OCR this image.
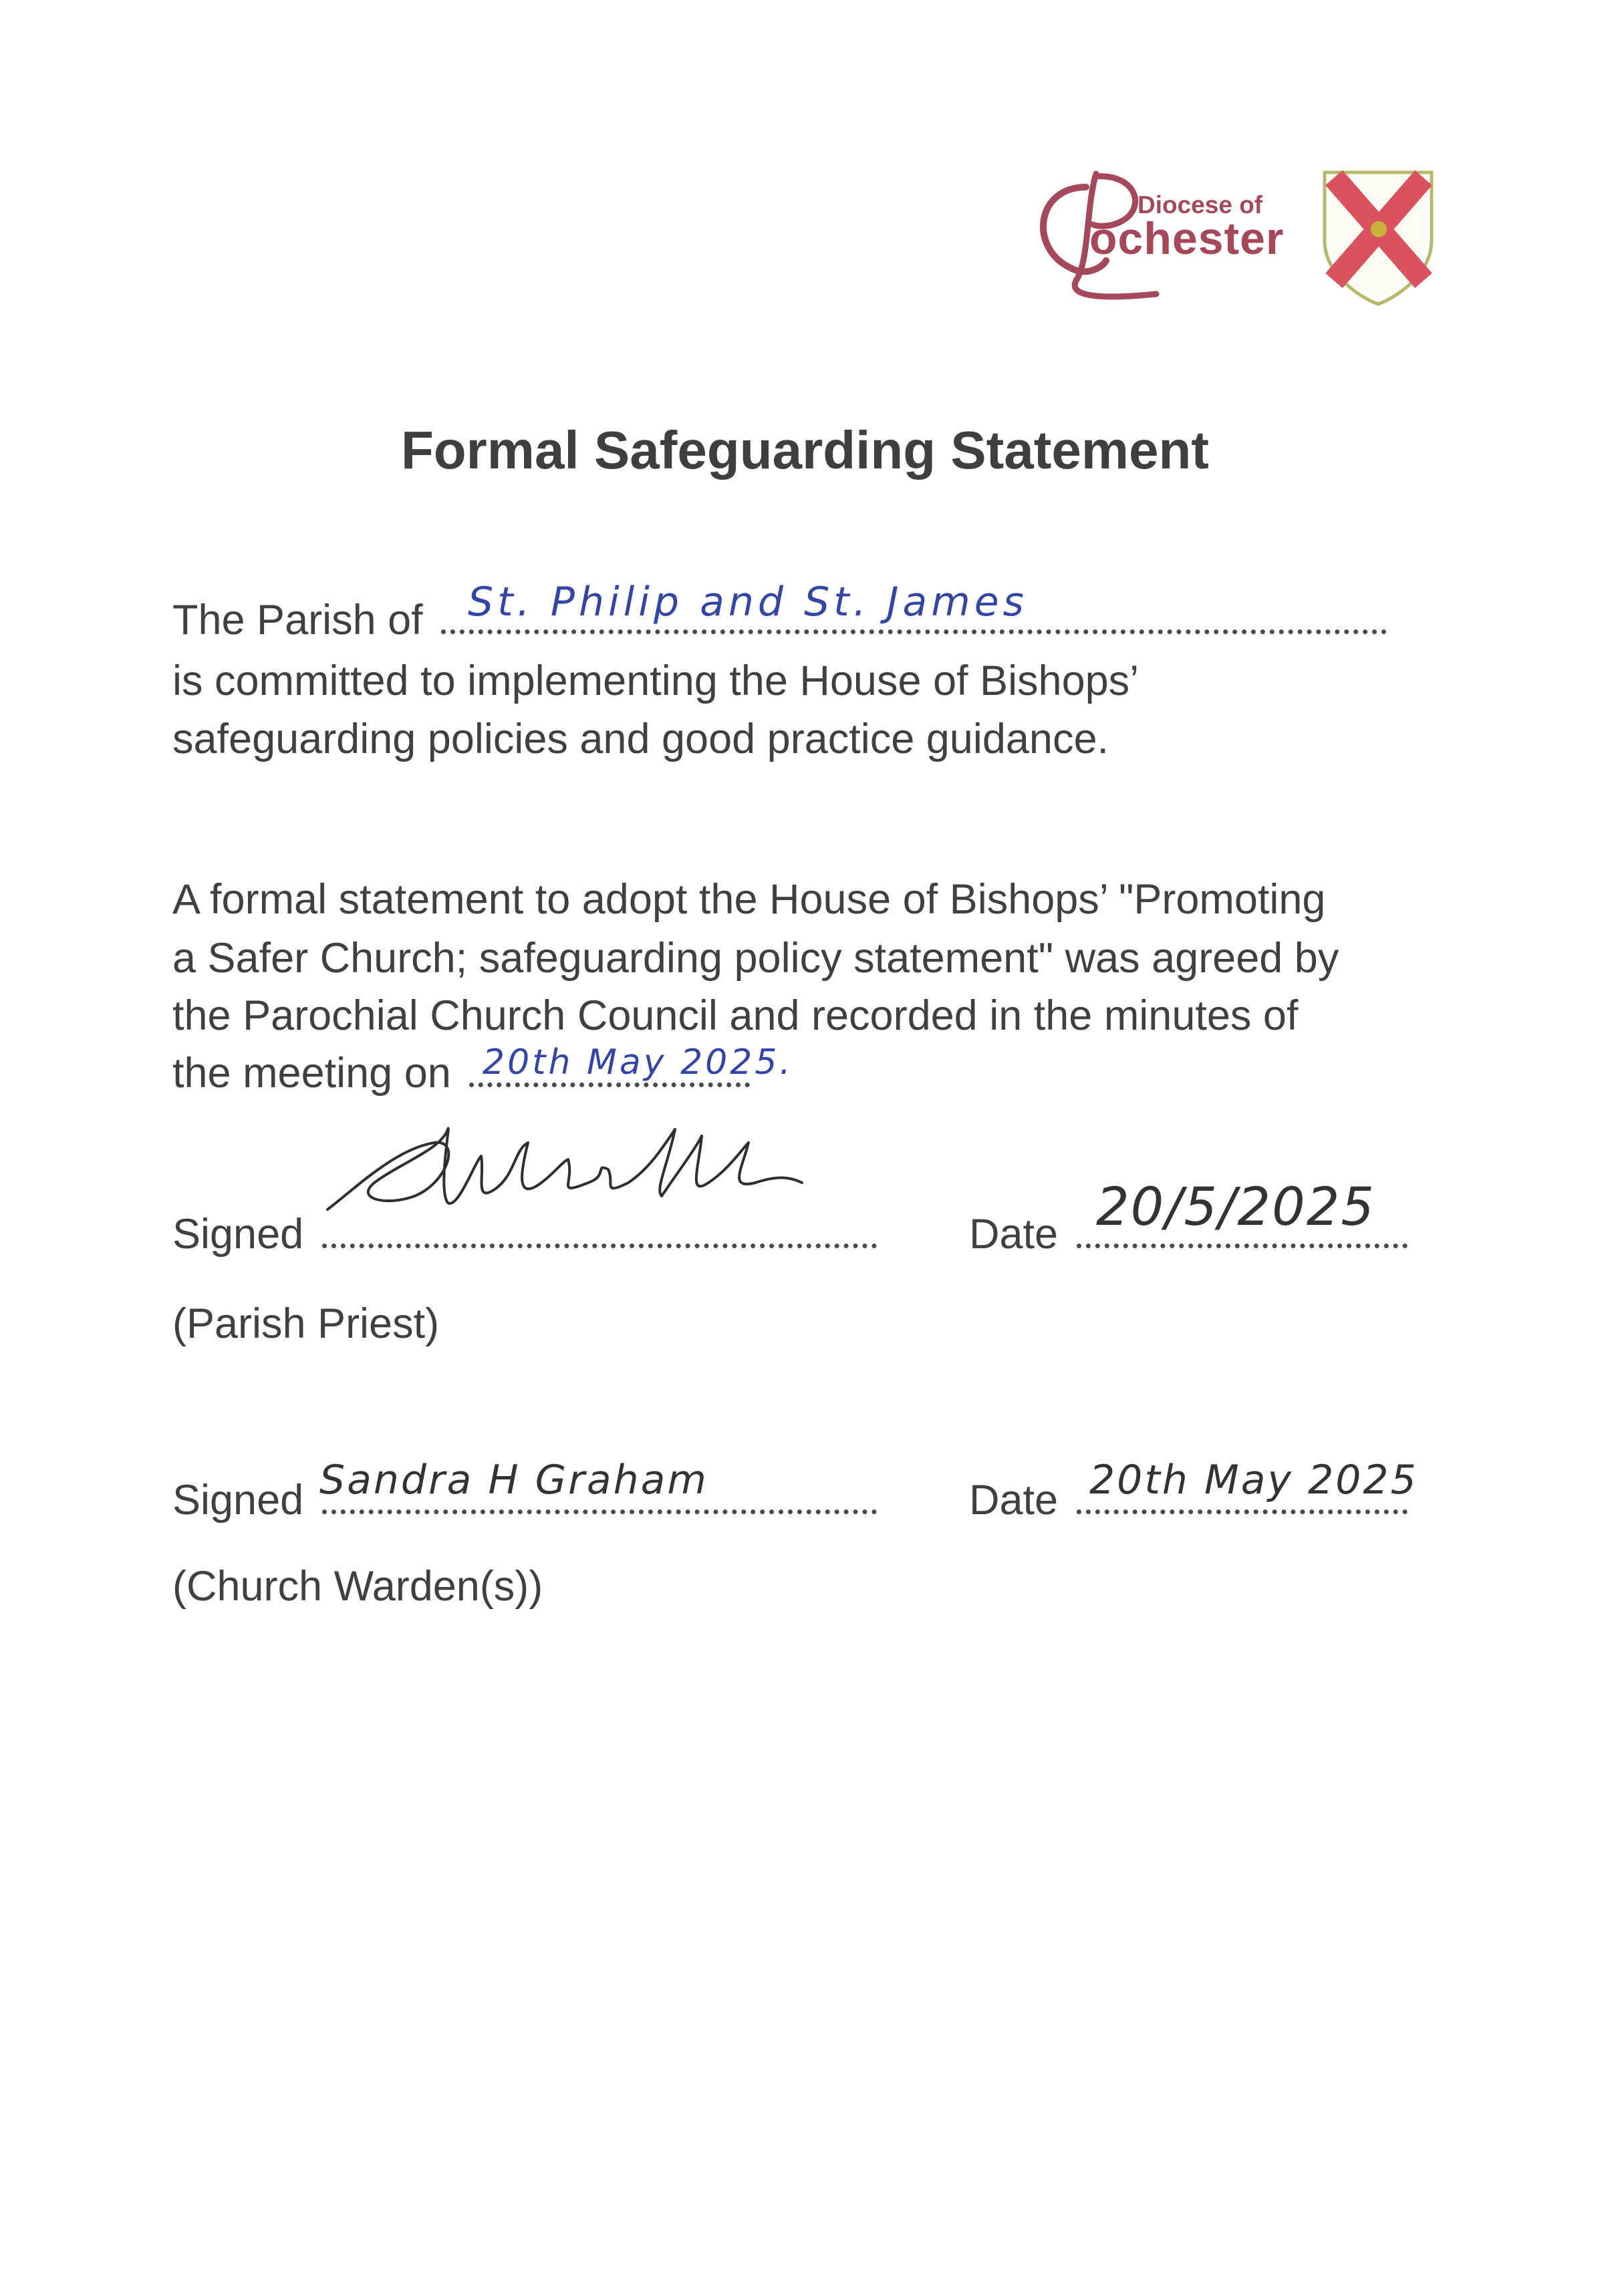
Diocese of
ochester
Formal Safeguarding Statement
The Parish of	St. Philip and St. James
is committed to implementing the House of Bishops’
safeguarding policies and good practice guidance.
A formal statement to adopt the House of Bishops’ "Promoting
a Safer Church; safeguarding policy statement" was agreed by
the Parochial Church Council and recorded in the minutes of
the meeting on 20th May 2025.
Signed	Date 20/5/2025
(Parish Priest)
Signed Sandra H Graham	Date 20th May 2025
(Church Warden(s))
